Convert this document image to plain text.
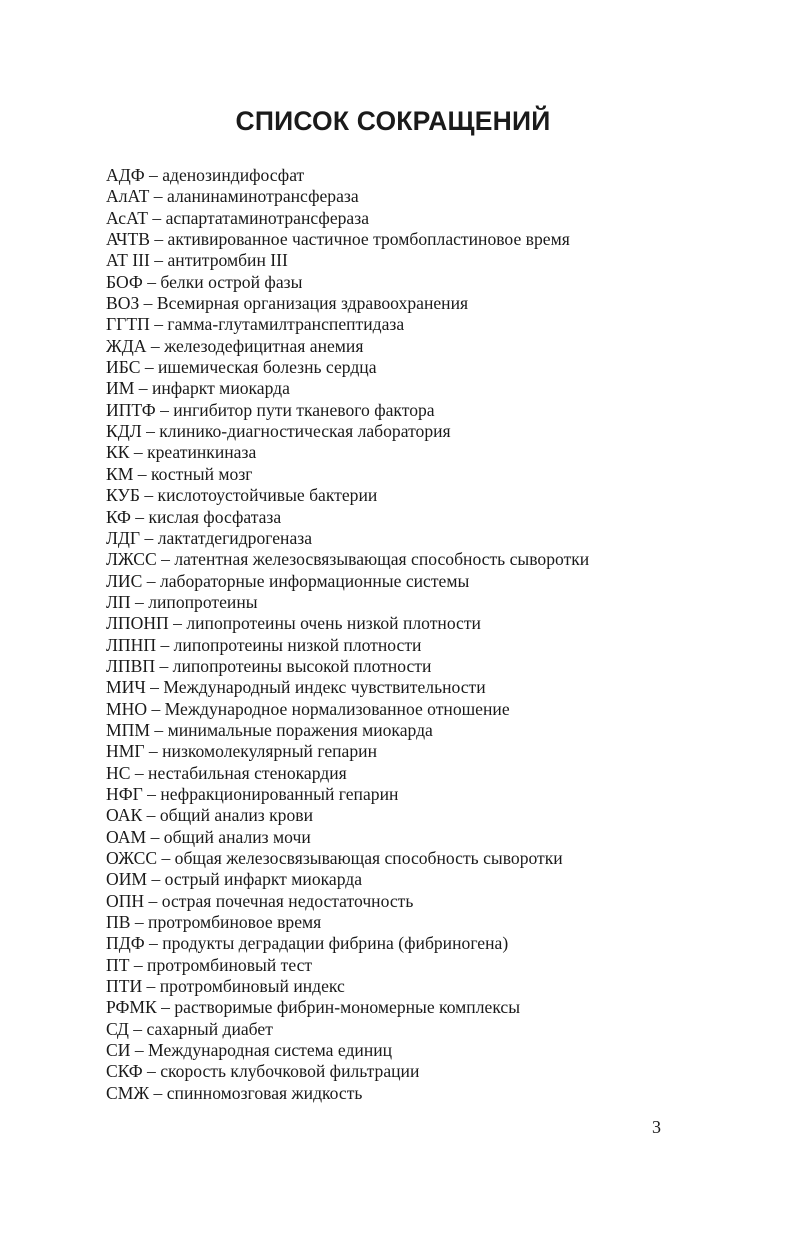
СПИСОК СОКРАЩЕНИЙ
АДФ – аденозиндифосфат
АлАТ – аланинаминотрансфераза
АсАТ – аспартатаминотрансфераза
АЧТВ – активированное частичное тромбопластиновое время
АТ III – антитромбин III
БОФ – белки острой фазы
ВОЗ – Всемирная организация здравоохранения
ГГТП – гамма-глутамилтранспептидаза
ЖДА – железодефицитная анемия
ИБС – ишемическая болезнь сердца
ИМ – инфаркт миокарда
ИПТФ – ингибитор пути тканевого фактора
КДЛ – клинико-диагностическая лаборатория
КК – креатинкиназа
КМ – костный мозг
КУБ – кислотоустойчивые бактерии
КФ – кислая фосфатаза
ЛДГ – лактатдегидрогеназа
ЛЖСС – латентная железосвязывающая способность сыворотки
ЛИС – лабораторные информационные системы
ЛП – липопротеины
ЛПОНП – липопротеины очень низкой плотности
ЛПНП – липопротеины низкой плотности
ЛПВП – липопротеины высокой плотности
МИЧ – Международный индекс чувствительности
МНО – Международное нормализованное отношение
МПМ – минимальные поражения миокарда
НМГ – низкомолекулярный гепарин
НС – нестабильная стенокардия
НФГ – нефракционированный гепарин
ОАК – общий анализ крови
ОАМ – общий анализ мочи
ОЖСС – общая железосвязывающая способность сыворотки
ОИМ – острый инфаркт миокарда
ОПН – острая почечная недостаточность
ПВ – протромбиновое время
ПДФ – продукты деградации фибрина (фибриногена)
ПТ – протромбиновый тест
ПТИ – протромбиновый индекс
РФМК – растворимые фибрин-мономерные комплексы
СД – сахарный диабет
СИ – Международная система единиц
СКФ – скорость клубочковой фильтрации
СМЖ – спинномозговая жидкость
3
